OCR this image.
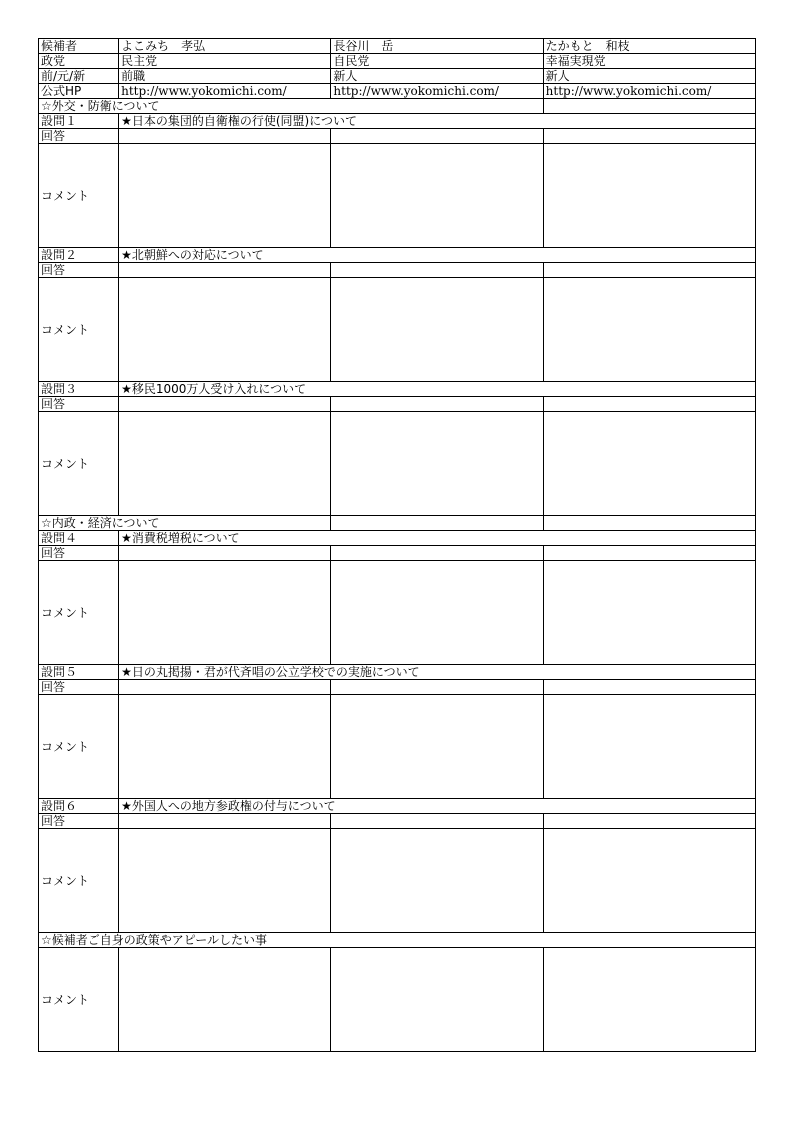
候補者	よこみち　孝弘	長谷川　岳	たかもと　和枝
政党	民主党	自民党	幸福実現党
前/元/新	前職	新人	新人
公式HP	http://www.yokomichi.com/	http://www.yokomichi.com/	http://www.yokomichi.com/
☆外交・防衛について			
設問１	★日本の集団的自衛権の行使(同盟)について		
回答			
コメント			
設問２	★北朝鮮への対応について		
回答			
コメント			
設問３	★移民1000万人受け入れについて		
回答			
コメント			
☆内政・経済について			
設問４	★消費税増税について		
回答			
コメント			
設問５	★日の丸掲揚・君が代斉唱の公立学校での実施について		
回答			
コメント			
設問６	★外国人への地方参政権の付与について		
回答			
コメント			
☆候補者ご自身の政策やアピールしたい事			
コメント			
